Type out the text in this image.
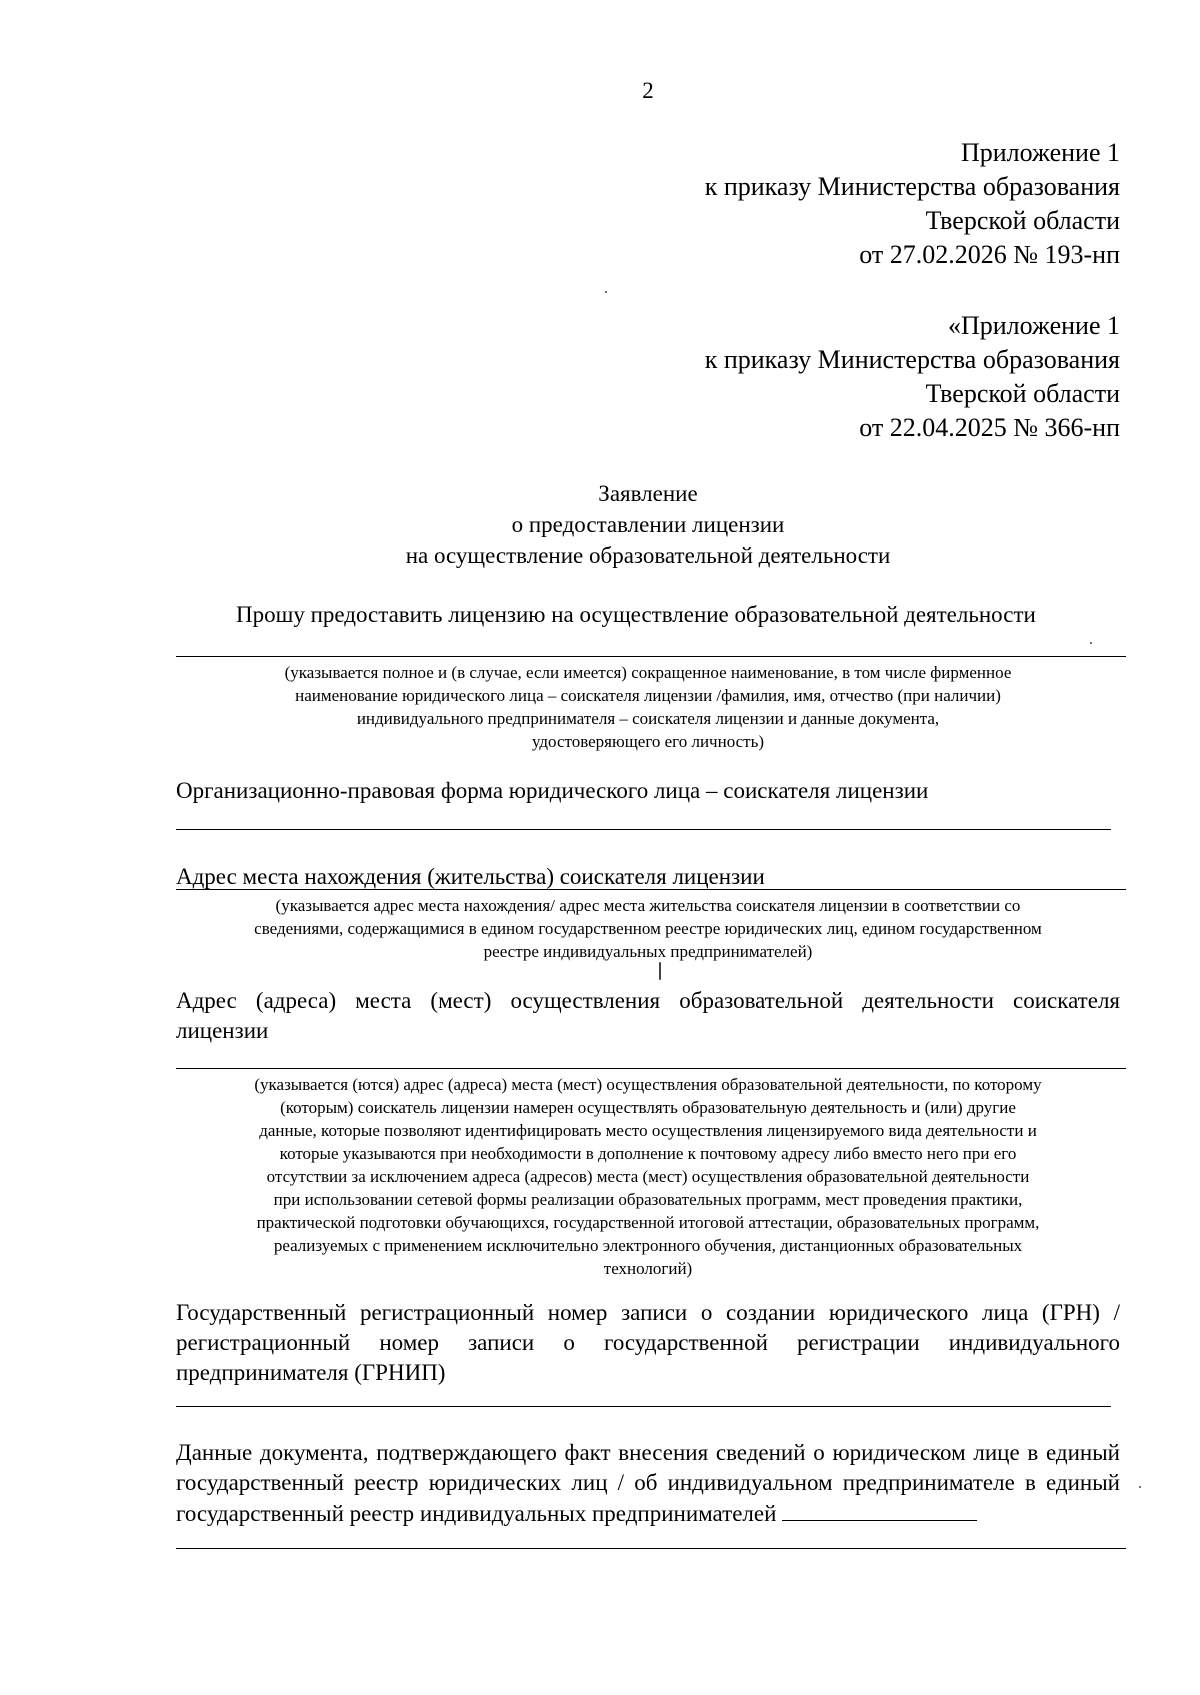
2
Приложение 1
к приказу Министерства образования
Тверской области
от 27.02.2026 № 193-нп
«Приложение 1
к приказу Министерства образования
Тверской области
от 22.04.2025 № 366-нп
Заявление
о предоставлении лицензии
на осуществление образовательной деятельности
Прошу предоставить лицензию на осуществление образовательной деятельности
(указывается полное и (в случае, если имеется) сокращенное наименование, в том числе фирменное
наименование юридического лица – соискателя лицензии /фамилия, имя, отчество (при наличии)
индивидуального предпринимателя – соискателя лицензии и данные документа,
удостоверяющего его личность)
Организационно-правовая форма юридического лица – соискателя лицензии
Адрес места нахождения (жительства) соискателя лицензии
(указывается адрес места нахождения/ адрес места жительства соискателя лицензии в соответствии со
сведениями, содержащимися в едином государственном реестре юридических лиц, едином государственном
реестре индивидуальных предпринимателей)
Адрес (адреса) места (мест) осуществления образовательной деятельности соискателя лицензии
(указывается (ются) адрес (адреса) места (мест) осуществления образовательной деятельности, по которому
(которым) соискатель лицензии намерен осуществлять образовательную деятельность и (или) другие
данные, которые позволяют идентифицировать место осуществления лицензируемого вида деятельности и
которые указываются при необходимости в дополнение к почтовому адресу либо вместо него при его
отсутствии за исключением адреса (адресов) места (мест) осуществления образовательной деятельности
при использовании сетевой формы реализации образовательных программ, мест проведения практики,
практической подготовки обучающихся, государственной итоговой аттестации, образовательных программ,
реализуемых с применением исключительно электронного обучения, дистанционных образовательных
технологий)
Государственный регистрационный номер записи о создании юридического лица (ГРН) / регистрационный номер записи о государственной регистрации индивидуального предпринимателя (ГРНИП)
Данные документа, подтверждающего факт внесения сведений о юридическом лице в единый государственный реестр юридических лиц / об индивидуальном предпринимателе в единый государственный реестр индивидуальных предпринимателей
